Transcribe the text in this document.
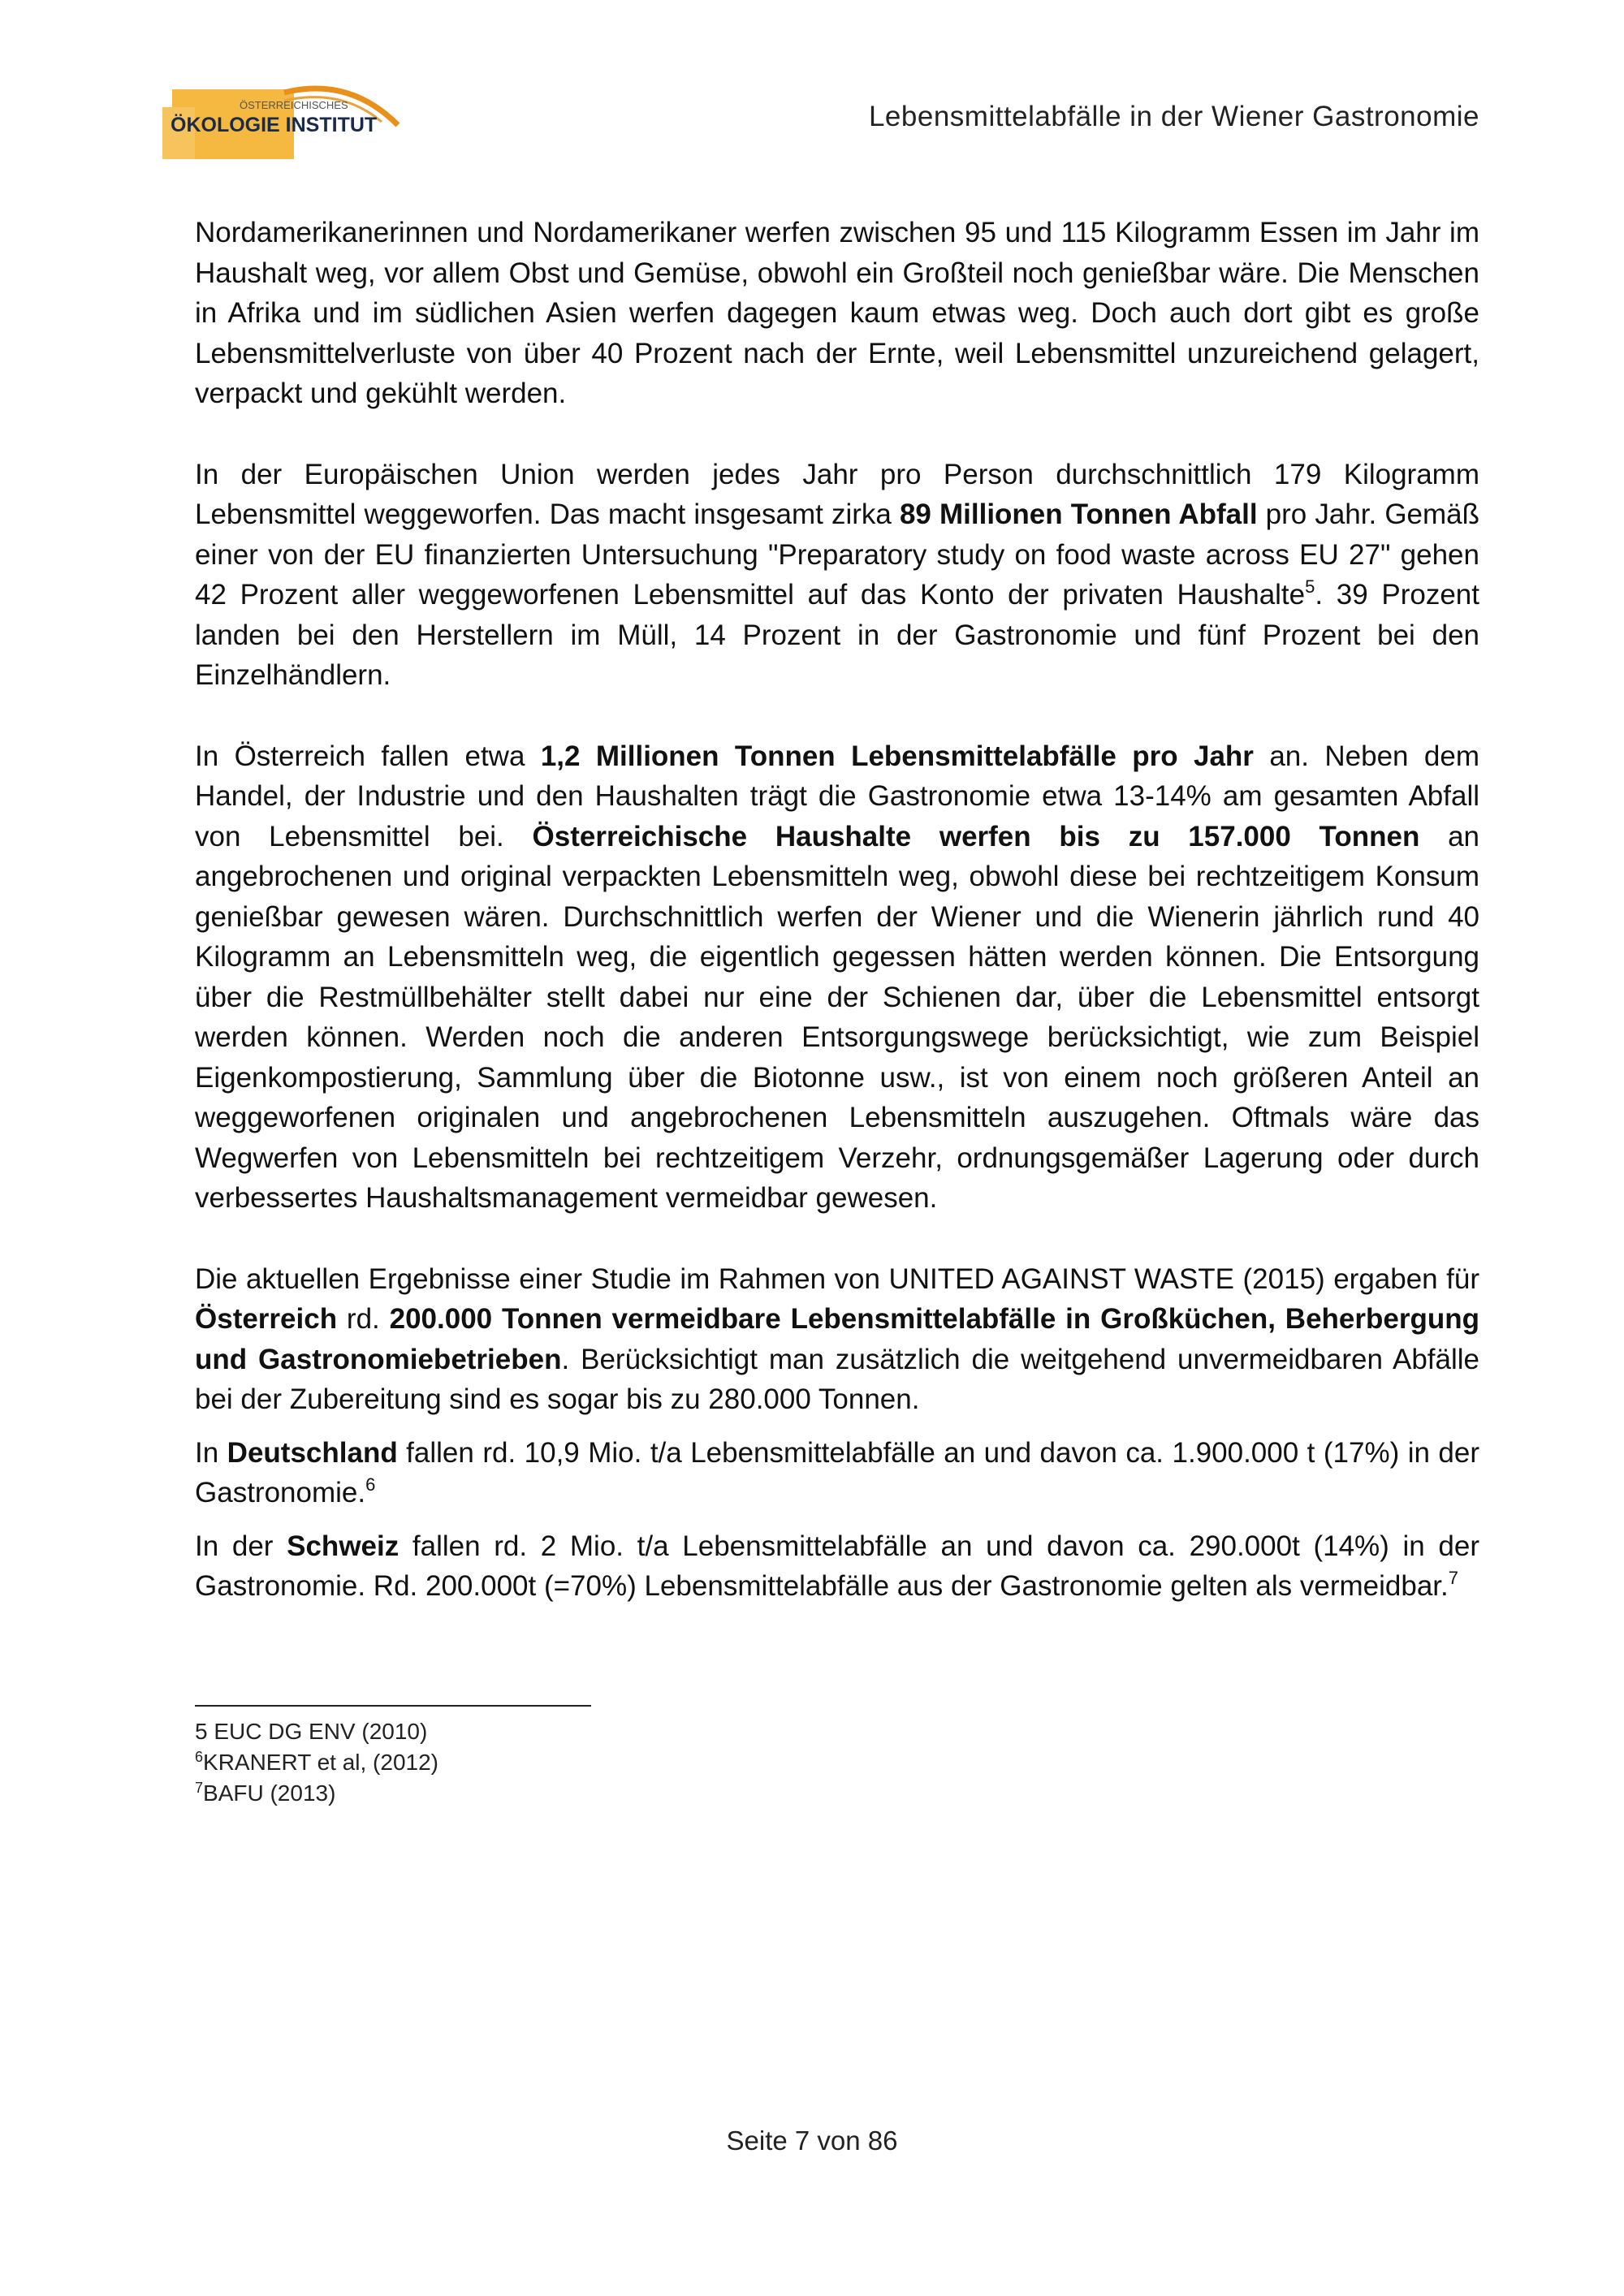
ÖSTERREICHISCHES
ÖKOLOGIE INSTITUT	Lebensmittelabfälle in der Wiener Gastronomie

Nordamerikanerinnen und Nordamerikaner werfen zwischen 95 und 115 Kilogramm Essen im Jahr im Haushalt weg, vor allem Obst und Gemüse, obwohl ein Großteil noch genießbar wäre. Die Menschen in Afrika und im südlichen Asien werfen dagegen kaum etwas weg. Doch auch dort gibt es große Lebensmittelverluste von über 40 Prozent nach der Ernte, weil Lebensmittel unzureichend gelagert, verpackt und gekühlt werden.

In der Europäischen Union werden jedes Jahr pro Person durchschnittlich 179 Kilogramm Lebensmittel weggeworfen. Das macht insgesamt zirka 89 Millionen Tonnen Abfall pro Jahr. Gemäß einer von der EU finanzierten Untersuchung "Preparatory study on food waste across EU 27" gehen 42 Prozent aller weggeworfenen Lebensmittel auf das Konto der privaten Haushalte$^5$. 39 Prozent landen bei den Herstellern im Müll, 14 Prozent in der Gastronomie und fünf Prozent bei den Einzelhändlern.

In Österreich fallen etwa 1,2 Millionen Tonnen Lebensmittelabfälle pro Jahr an. Neben dem Handel, der Industrie und den Haushalten trägt die Gastronomie etwa 13-14% am gesamten Abfall von Lebensmittel bei. Österreichische Haushalte werfen bis zu 157.000 Tonnen an angebrochenen und original verpackten Lebensmitteln weg, obwohl diese bei rechtzeitigem Konsum genießbar gewesen wären. Durchschnittlich werfen der Wiener und die Wienerin jährlich rund 40 Kilogramm an Lebensmitteln weg, die eigentlich gegessen hätten werden können. Die Entsorgung über die Restmüllbehälter stellt dabei nur eine der Schienen dar, über die Lebensmittel entsorgt werden können. Werden noch die anderen Entsorgungswege berücksichtigt, wie zum Beispiel Eigenkompostierung, Sammlung über die Biotonne usw., ist von einem noch größeren Anteil an weggeworfenen originalen und angebrochenen Lebensmitteln auszugehen. Oftmals wäre das Wegwerfen von Lebensmitteln bei rechtzeitigem Verzehr, ordnungsgemäßer Lagerung oder durch verbessertes Haushaltsmanagement vermeidbar gewesen.

Die aktuellen Ergebnisse einer Studie im Rahmen von UNITED AGAINST WASTE (2015) ergaben für Österreich rd. 200.000 Tonnen vermeidbare Lebensmittelabfälle in Großküchen, Beherbergung und Gastronomiebetrieben. Berücksichtigt man zusätzlich die weitgehend unvermeidbaren Abfälle bei der Zubereitung sind es sogar bis zu 280.000 Tonnen.

In Deutschland fallen rd. 10,9 Mio. t/a Lebensmittelabfälle an und davon ca. 1.900.000 t (17%) in der Gastronomie.$^6$

In der Schweiz fallen rd. 2 Mio. t/a Lebensmittelabfälle an und davon ca. 290.000t (14%) in der Gastronomie. Rd. 200.000t (=70%) Lebensmittelabfälle aus der Gastronomie gelten als vermeidbar.$^7$

5 EUC DG ENV (2010)

$^6$KRANERT et al, (2012)

$^7$BAFU (2013)

Seite 7 von 86
